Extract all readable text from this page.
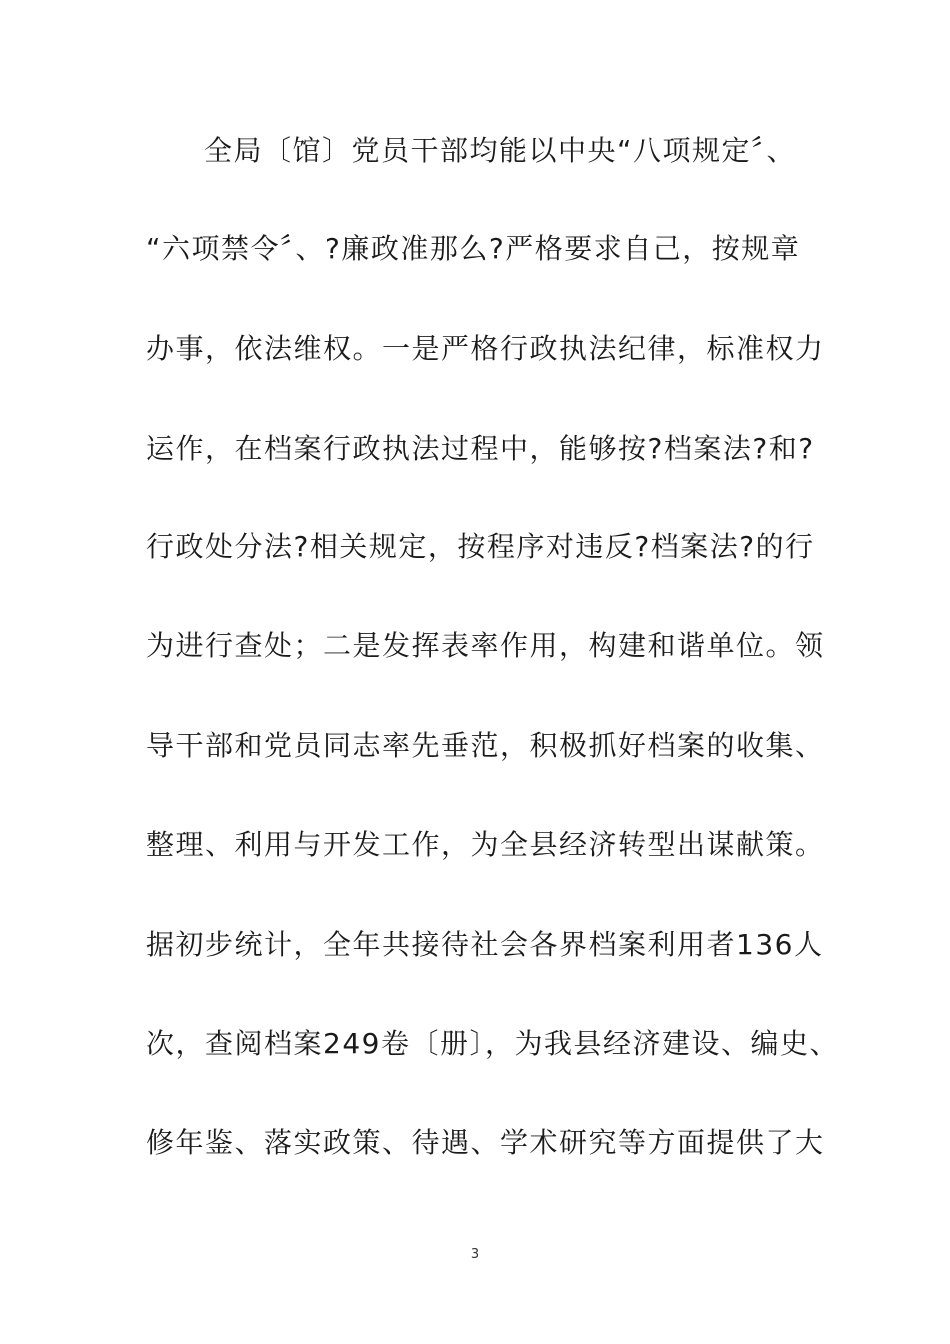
全局〔馆〕党员干部均能以中央“八项规定〞、
“六项禁令〞、?廉政准那么?严格要求自己，按规章
办事，依法维权。一是严格行政执法纪律，标准权力
运作，在档案行政执法过程中，能够按?档案法?和?
行政处分法?相关规定，按程序对违反?档案法?的行
为进行查处；二是发挥表率作用，构建和谐单位。领
导干部和党员同志率先垂范，积极抓好档案的收集、
整理、利用与开发工作，为全县经济转型出谋献策。
据初步统计，全年共接待社会各界档案利用者136人
次，查阅档案249卷〔册〕，为我县经济建设、编史、
修年鉴、落实政策、待遇、学术研究等方面提供了大
3
